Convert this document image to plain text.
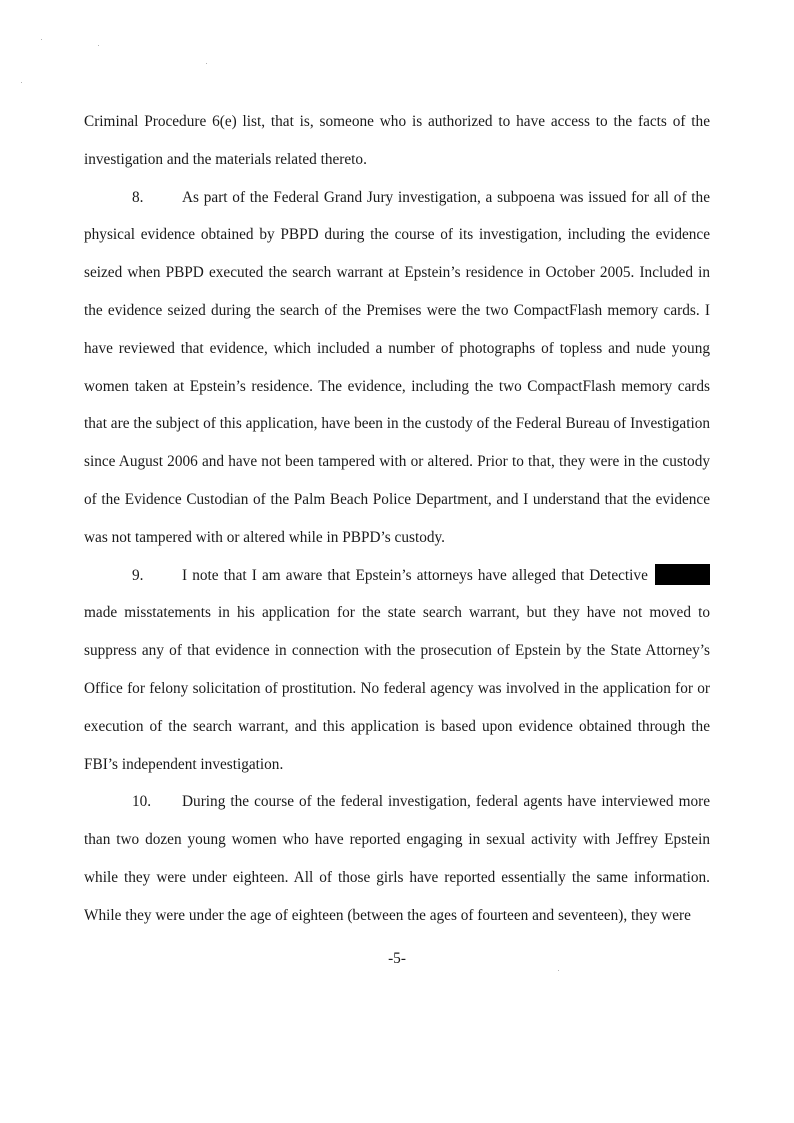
Criminal Procedure 6(e) list, that is, someone who is authorized to have access to the facts of the investigation and the materials related thereto.

8.	As part of the Federal Grand Jury investigation, a subpoena was issued for all of the physical evidence obtained by PBPD during the course of its investigation, including the evidence seized when PBPD executed the search warrant at Epstein’s residence in October 2005. Included in the evidence seized during the search of the Premises were the two CompactFlash memory cards. I have reviewed that evidence, which included a number of photographs of topless and nude young women taken at Epstein’s residence. The evidence, including the two CompactFlash memory cards that are the subject of this application, have been in the custody of the Federal Bureau of Investigation since August 2006 and have not been tampered with or altered. Prior to that, they were in the custody of the Evidence Custodian of the Palm Beach Police Department, and I understand that the evidence was not tampered with or altered while in PBPD’s custody.

9.	I note that I am aware that Epstein’s attorneys have alleged that Detective  made misstatements in his application for the state search warrant, but they have not moved to suppress any of that evidence in connection with the prosecution of Epstein by the State Attorney’s Office for felony solicitation of prostitution. No federal agency was involved in the application for or execution of the search warrant, and this application is based upon evidence obtained through the FBI’s independent investigation.

10. During the course of the federal investigation, federal agents have interviewed more than two dozen young women who have reported engaging in sexual activity with Jeffrey Epstein while they were under eighteen. All of those girls have reported essentially the same information. While they were under the age of eighteen (between the ages of fourteen and seventeen), they were

-5-
